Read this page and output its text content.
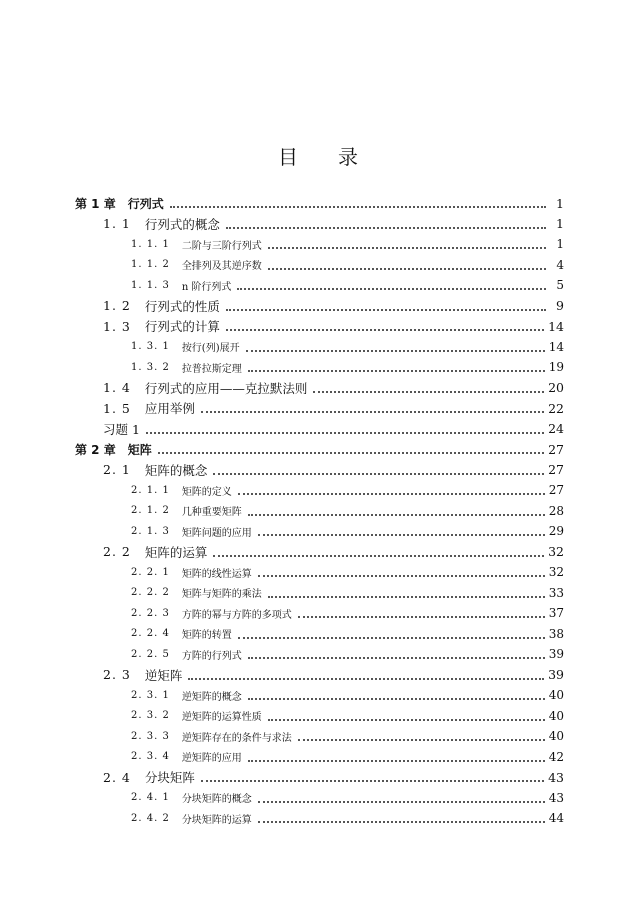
目 录
第 1 章 行列式	1
1. 1 行列式的概念	1
1. 1. 1 二阶与三阶行列式	1
1. 1. 2 全排列及其逆序数	4
1. 1. 3 n 阶行列式	5
1. 2 行列式的性质	9
1. 3 行列式的计算	14
1. 3. 1 按行(列)展开	14
1. 3. 2 拉普拉斯定理	19
1. 4 行列式的应用——克拉默法则	20
1. 5 应用举例	22
习题 1	24
第 2 章 矩阵	27
2. 1 矩阵的概念	27
2. 1. 1 矩阵的定义	27
2. 1. 2 几种重要矩阵	28
2. 1. 3 矩阵问题的应用	29
2. 2 矩阵的运算	32
2. 2. 1 矩阵的线性运算	32
2. 2. 2 矩阵与矩阵的乘法	33
2. 2. 3 方阵的幂与方阵的多项式	37
2. 2. 4 矩阵的转置	38
2. 2. 5 方阵的行列式	39
2. 3 逆矩阵	39
2. 3. 1 逆矩阵的概念	40
2. 3. 2 逆矩阵的运算性质	40
2. 3. 3 逆矩阵存在的条件与求法	40
2. 3. 4 逆矩阵的应用	42
2. 4 分块矩阵	43
2. 4. 1 分块矩阵的概念	43
2. 4. 2 分块矩阵的运算	44
